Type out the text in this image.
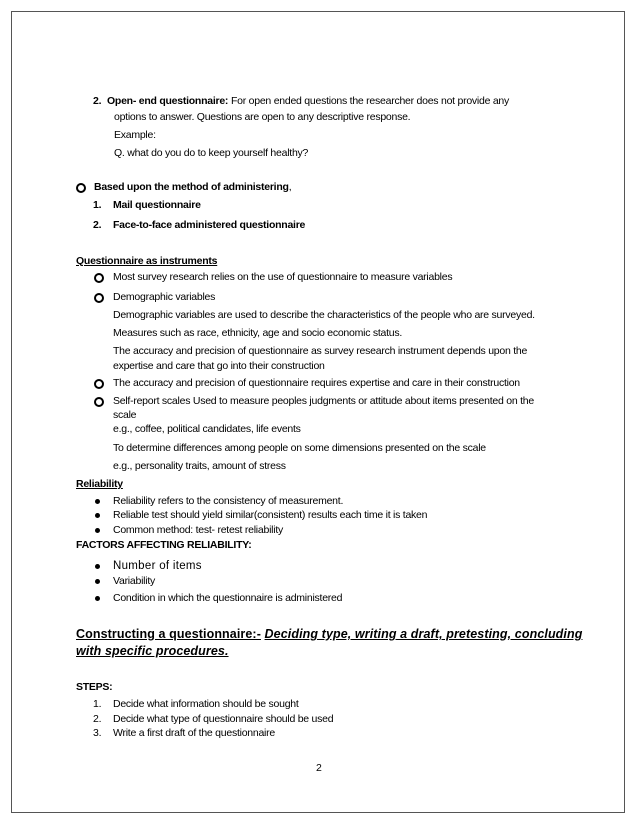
2. Open- end questionnaire: For open ended questions the researcher does not provide any
options to answer. Questions are open to any descriptive response.
Example:
Q. what do you do to keep yourself healthy?
Based upon the method of administering,
1. Mail questionnaire
2. Face-to-face administered questionnaire
Questionnaire as instruments
Most survey research relies on the use of questionnaire to measure variables
Demographic variables
Demographic variables are used to describe the characteristics of the people who are surveyed.
Measures such as race, ethnicity, age and socio economic status.
The accuracy and precision of questionnaire as survey research instrument depends upon the
expertise and care that go into their construction
The accuracy and precision of questionnaire requires expertise and care in their construction
Self-report scales Used to measure peoples judgments or attitude about items presented on the
scale
e.g., coffee, political candidates, life events
To determine differences among people on some dimensions presented on the scale
e.g., personality traits, amount of stress
Reliability
Reliability refers to the consistency of measurement.
Reliable test should yield similar(consistent) results each time it is taken
Common method: test- retest reliability
FACTORS AFFECTING RELIABILITY:
Number of items
Variability
Condition in which the questionnaire is administered
Constructing a questionnaire:- Deciding type, writing a draft, pretesting, concluding
with specific procedures.
STEPS:
1. Decide what information should be sought
2. Decide what type of questionnaire should be used
3. Write a first draft of the questionnaire
2
